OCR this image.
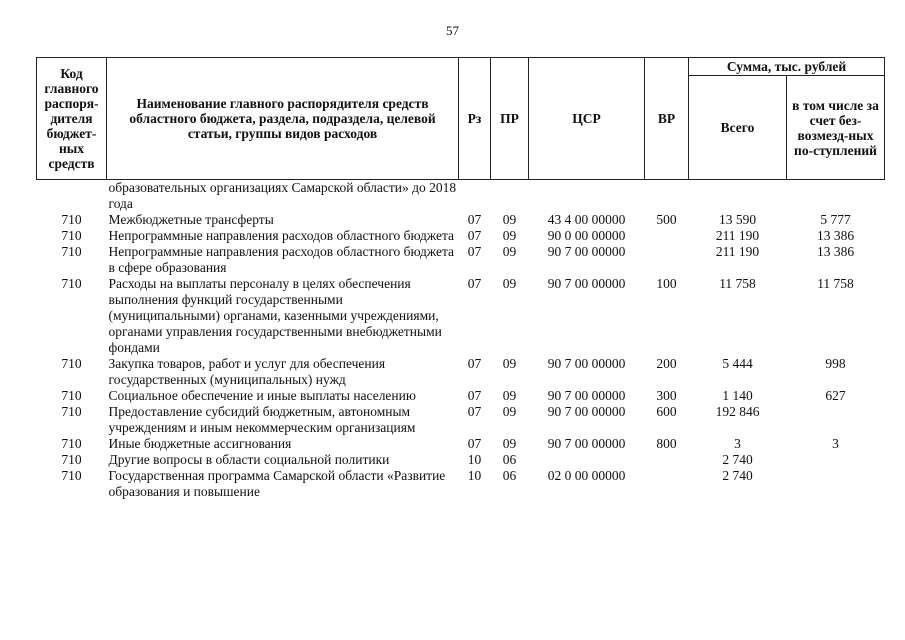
57
Код главного распоря-дителя бюджет-ных средств	Наименование главного распорядителя средств областного бюджета, раздела, подраздела, целевой статьи, группы видов расходов	Рз	ПР	ЦСР	ВР	Сумма, тыс. рублей	
						Всего	в том числе за счет без-возмезд-ных по-ступлений
	образовательных организациях Самарской области» до 2018 года						
710	Межбюджетные трансферты	07	09	43 4 00 00000	500	13 590	5 777
710	Непрограммные направления расходов областного бюджета	07	09	90 0 00 00000		211 190	13 386
710	Непрограммные направления расходов областного бюджета в сфере образования	07	09	90 7 00 00000		211 190	13 386
710	Расходы на выплаты персоналу в целях обеспечения выполнения функций государственными (муниципальными) органами, казенными учреждениями, органами управления государственными внебюджетными фондами	07	09	90 7 00 00000	100	11 758	11 758
710	Закупка товаров, работ и услуг для обеспечения государственных (муниципальных) нужд	07	09	90 7 00 00000	200	5 444	998
710	Социальное обеспечение и иные выплаты населению	07	09	90 7 00 00000	300	1 140	627
710	Предоставление субсидий бюджетным, автономным учреждениям и иным некоммерческим организациям	07	09	90 7 00 00000	600	192 846	
710	Иные бюджетные ассигнования	07	09	90 7 00 00000	800	3	3
710	Другие вопросы в области социальной политики	10	06			2 740	
710	Государственная программа Самарской области «Развитие образования и повышение	10	06	02 0 00 00000		2 740	
